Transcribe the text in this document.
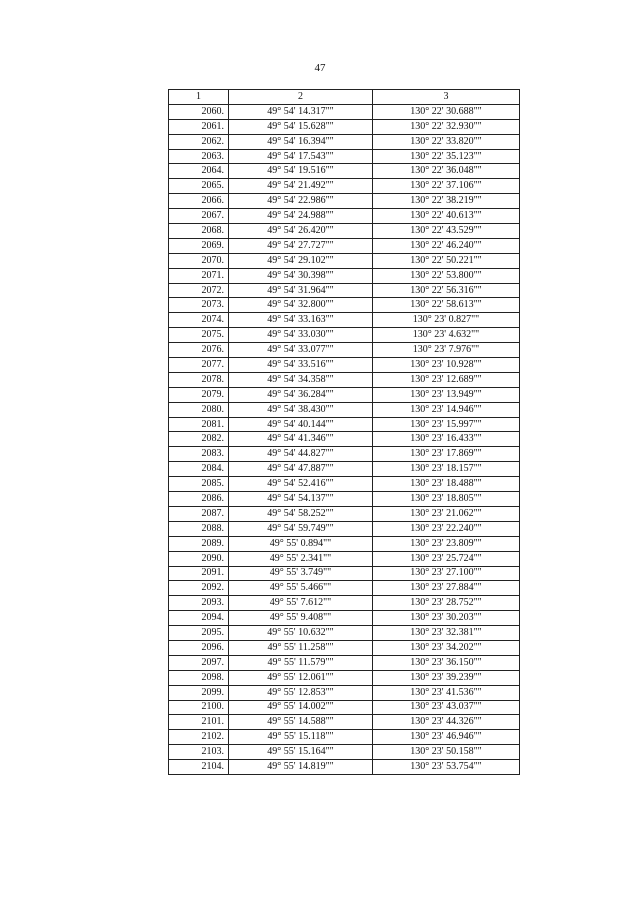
47
1	2	3
2060.	49° 54' 14.317""	130° 22' 30.688""
2061.	49° 54' 15.628""	130° 22' 32.930""
2062.	49° 54' 16.394""	130° 22' 33.820""
2063.	49° 54' 17.543""	130° 22' 35.123""
2064.	49° 54' 19.516""	130° 22' 36.048""
2065.	49° 54' 21.492""	130° 22' 37.106""
2066.	49° 54' 22.986""	130° 22' 38.219""
2067.	49° 54' 24.988""	130° 22' 40.613""
2068.	49° 54' 26.420""	130° 22' 43.529""
2069.	49° 54' 27.727""	130° 22' 46.240""
2070.	49° 54' 29.102""	130° 22' 50.221""
2071.	49° 54' 30.398""	130° 22' 53.800""
2072.	49° 54' 31.964""	130° 22' 56.316""
2073.	49° 54' 32.800""	130° 22' 58.613""
2074.	49° 54' 33.163""	130° 23' 0.827""
2075.	49° 54' 33.030""	130° 23' 4.632""
2076.	49° 54' 33.077""	130° 23' 7.976""
2077.	49° 54' 33.516""	130° 23' 10.928""
2078.	49° 54' 34.358""	130° 23' 12.689""
2079.	49° 54' 36.284""	130° 23' 13.949""
2080.	49° 54' 38.430""	130° 23' 14.946""
2081.	49° 54' 40.144""	130° 23' 15.997""
2082.	49° 54' 41.346""	130° 23' 16.433""
2083.	49° 54' 44.827""	130° 23' 17.869""
2084.	49° 54' 47.887""	130° 23' 18.157""
2085.	49° 54' 52.416""	130° 23' 18.488""
2086.	49° 54' 54.137""	130° 23' 18.805""
2087.	49° 54' 58.252""	130° 23' 21.062""
2088.	49° 54' 59.749""	130° 23' 22.240""
2089.	49° 55' 0.894""	130° 23' 23.809""
2090.	49° 55' 2.341""	130° 23' 25.724""
2091.	49° 55' 3.749""	130° 23' 27.100""
2092.	49° 55' 5.466""	130° 23' 27.884""
2093.	49° 55' 7.612""	130° 23' 28.752""
2094.	49° 55' 9.408""	130° 23' 30.203""
2095.	49° 55' 10.632""	130° 23' 32.381""
2096.	49° 55' 11.258""	130° 23' 34.202""
2097.	49° 55' 11.579""	130° 23' 36.150""
2098.	49° 55' 12.061""	130° 23' 39.239""
2099.	49° 55' 12.853""	130° 23' 41.536""
2100.	49° 55' 14.002""	130° 23' 43.037""
2101.	49° 55' 14.588""	130° 23' 44.326""
2102.	49° 55' 15.118""	130° 23' 46.946""
2103.	49° 55' 15.164""	130° 23' 50.158""
2104.	49° 55' 14.819""	130° 23' 53.754""
